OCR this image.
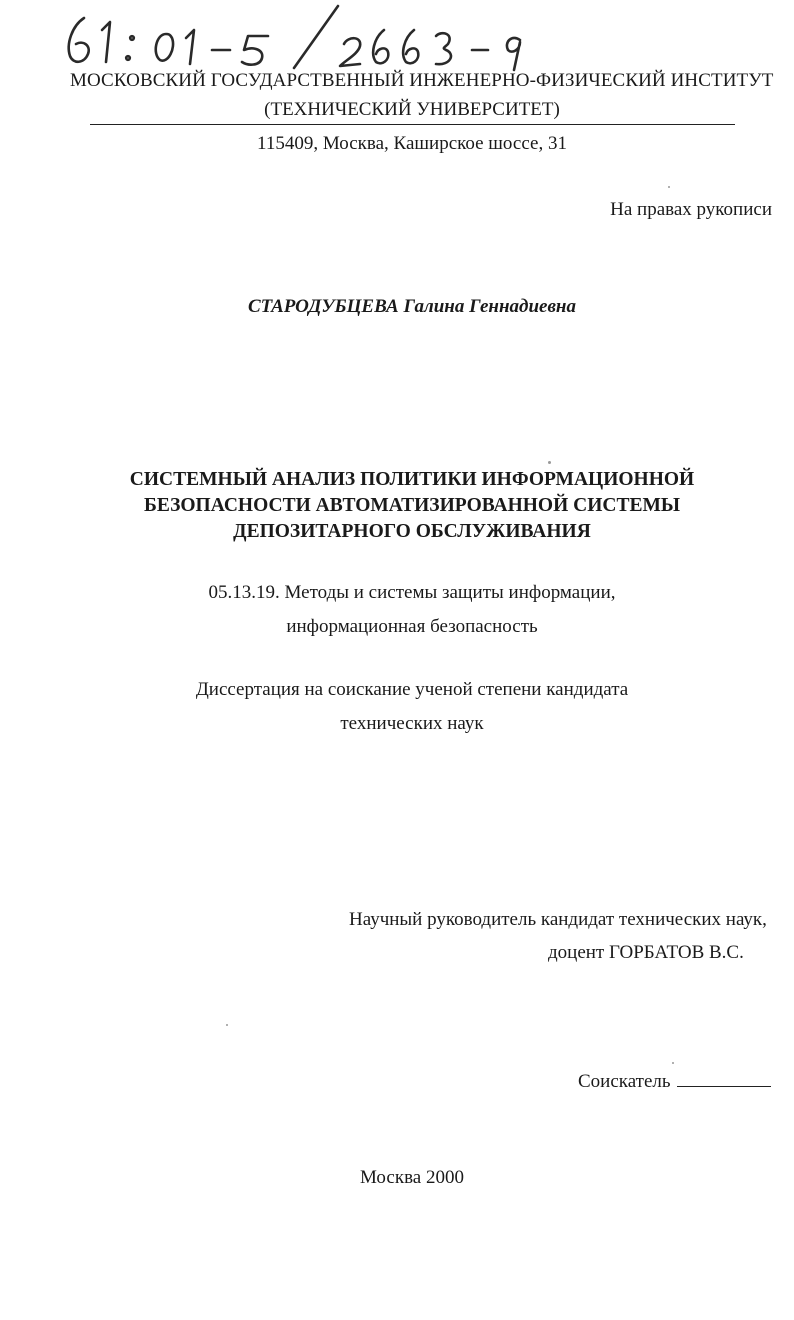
МОСКОВСКИЙ ГОСУДАРСТВЕННЫЙ ИНЖЕНЕРНО-ФИЗИЧЕСКИЙ ИНСТИТУТ
(ТЕХНИЧЕСКИЙ УНИВЕРСИТЕТ)
115409, Москва, Каширское шоссе, 31
На правах рукописи
СТАРОДУБЦЕВА Галина Геннадиевна
СИСТЕМНЫЙ АНАЛИЗ ПОЛИТИКИ ИНФОРМАЦИОННОЙ
БЕЗОПАСНОСТИ АВТОМАТИЗИРОВАННОЙ СИСТЕМЫ
ДЕПОЗИТАРНОГО ОБСЛУЖИВАНИЯ
05.13.19. Методы и системы защиты информации,
информационная безопасность
Диссертация на соискание ученой степени кандидата
технических наук
Научный руководитель кандидат технических наук,
доцент ГОРБАТОВ В.С.
Соискатель
Москва 2000
